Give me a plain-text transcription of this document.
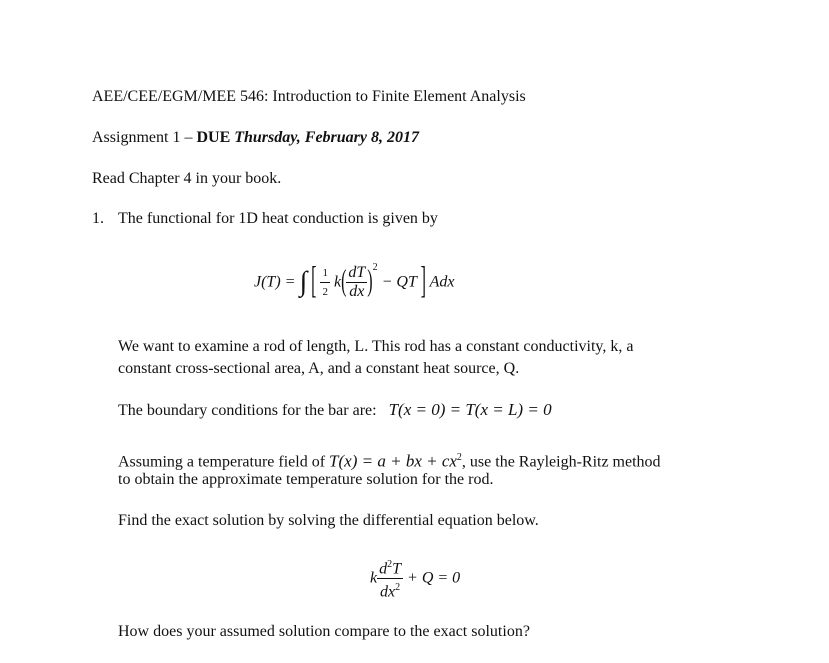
AEE/CEE/EGM/MEE 546: Introduction to Finite Element Analysis
Assignment 1 – DUE Thursday, February 8, 2017
Read Chapter 4 in your book.
1. The functional for 1D heat conduction is given by
J(T) = ∫ [ $\frac{1}{2} k( \frac{dT}{dx} )^2$ − QT ] Adx
We want to examine a rod of length, L. This rod has a constant conductivity, k, a
constant cross-sectional area, A, and a constant heat source, Q.
The boundary conditions for the bar are: T(x = 0) = T(x = L) = 0
Assuming a temperature field of T(x) = a + bx + $cx^2$, use the Rayleigh-Ritz method
to obtain the approximate temperature solution for the rod.
Find the exact solution by solving the differential equation below.
k $\frac{d^2T}{dx^2} + Q = 0$
How does your assumed solution compare to the exact solution?
